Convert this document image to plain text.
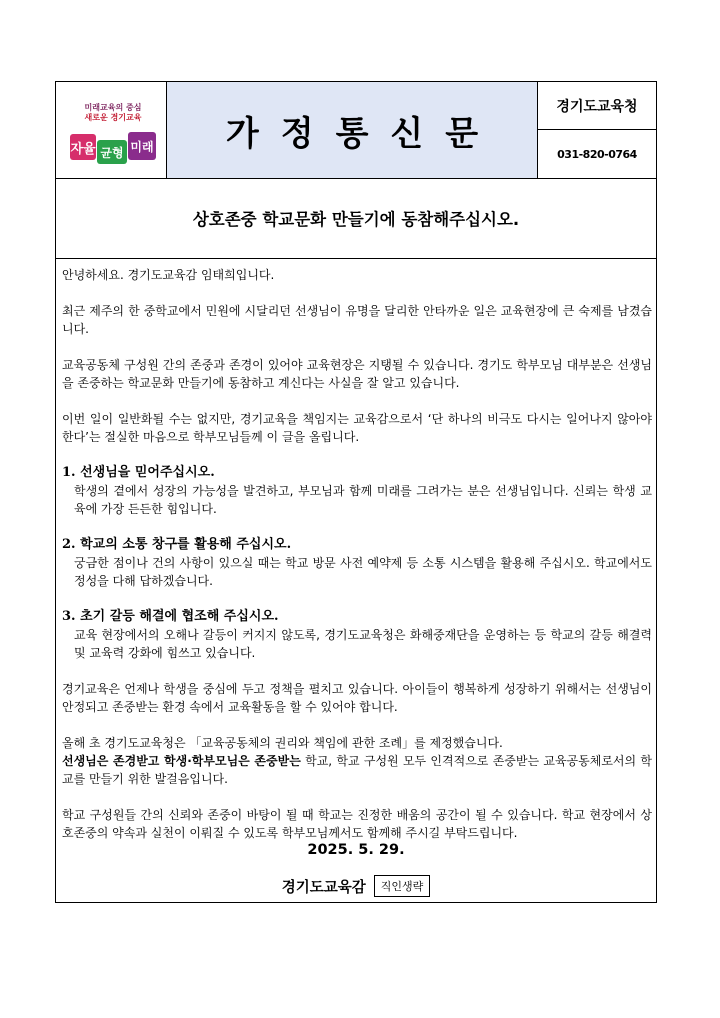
미래교육의 중심
새로운 경기교육
자율 균형 미래 가정통신문
경기도교육청
031-820-0764
상호존중 학교문화 만들기에 동참해주십시오.

안녕하세요. 경기도교육감 임태희입니다.

최근 제주의 한 중학교에서 민원에 시달리던 선생님이 유명을 달리한 안타까운 일은 교육현장에 큰 숙제를 남겼습니다.

교육공동체 구성원 간의 존중과 존경이 있어야 교육현장은 지탱될 수 있습니다. 경기도 학부모님 대부분은 선생님을 존중하는 학교문화 만들기에 동참하고 계신다는 사실을 잘 알고 있습니다.

이번 일이 일반화될 수는 없지만, 경기교육을 책임지는 교육감으로서 ‘단 하나의 비극도 다시는 일어나지 않아야 한다’는 절실한 마음으로 학부모님들께 이 글을 올립니다.

1. 선생님을 믿어주십시오.

학생의 곁에서 성장의 가능성을 발견하고, 부모님과 함께 미래를 그려가는 분은 선생님입니다. 신뢰는 학생 교육에 가장 든든한 힘입니다.

2. 학교의 소통 창구를 활용해 주십시오.

궁금한 점이나 건의 사항이 있으실 때는 학교 방문 사전 예약제 등 소통 시스템을 활용해 주십시오. 학교에서도 정성을 다해 답하겠습니다.

3. 초기 갈등 해결에 협조해 주십시오.

교육 현장에서의 오해나 갈등이 커지지 않도록, 경기도교육청은 화해중재단을 운영하는 등 학교의 갈등 해결력 및 교육력 강화에 힘쓰고 있습니다.

경기교육은 언제나 학생을 중심에 두고 정책을 펼치고 있습니다. 아이들이 행복하게 성장하기 위해서는 선생님이 안정되고 존중받는 환경 속에서 교육활동을 할 수 있어야 합니다.

올해 초 경기도교육청은 「교육공동체의 권리와 책임에 관한 조례」를 제정했습니다.

선생님은 존경받고 학생·학부모님은 존중받는 학교, 학교 구성원 모두 인격적으로 존중받는 교육공동체로서의 학교를 만들기 위한 발걸음입니다.

학교 구성원들 간의 신뢰와 존중이 바탕이 될 때 학교는 진정한 배움의 공간이 될 수 있습니다. 학교 현장에서 상호존중의 약속과 실천이 이뤄질 수 있도록 학부모님께서도 함께해 주시길 부탁드립니다.

2025. 5. 29.
경기도교육감	직인생략
